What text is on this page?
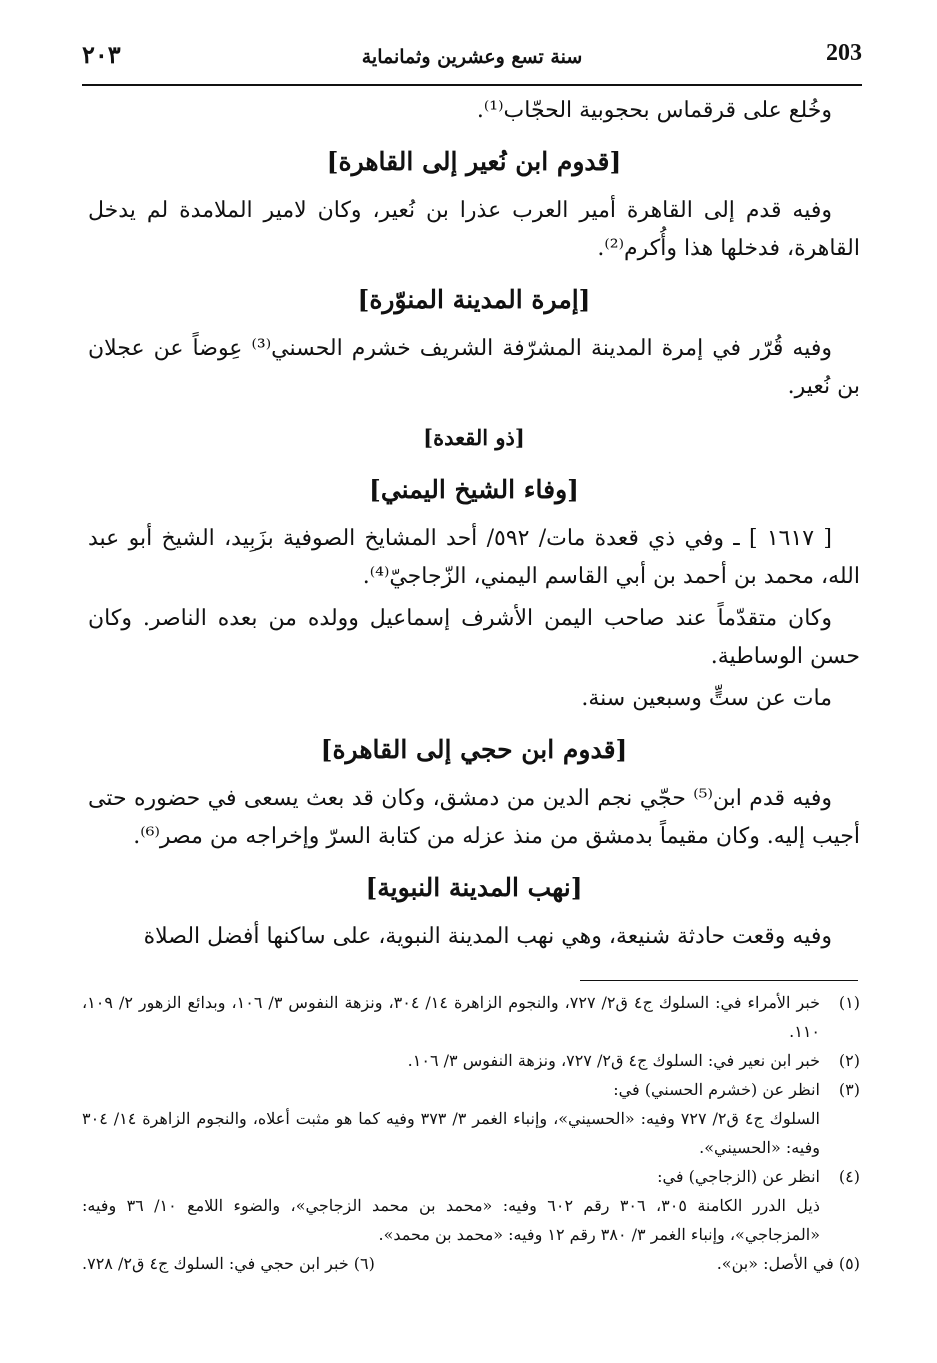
٢٠٣	سنة تسع وعشرين وثمانماية	203
وخُلع على قرقماس بحجوبية الحجّاب⁽¹⁾.
[قدوم ابن نُعير إلى القاهرة]
وفيه قدم إلى القاهرة أمير العرب عذرا بن نُعير، وكان لامير الملامدة لم يدخل القاهرة، فدخلها هذا وأُكرم⁽²⁾.
[إمرة المدينة المنوّرة]
وفيه قُرّر في إمرة المدينة المشرّفة الشريف خشرم الحسني⁽³⁾ عِوضاً عن عجلان بن نُعير.
[ذو القعدة]
[وفاء الشيخ اليمني]
[ ١٦١٧ ] ـ وفي ذي قعدة مات/ ٥٩٢/ أحد المشايخ الصوفية بزَبِيد، الشيخ أبو عبد الله، محمد بن أحمد بن أبي القاسم اليمني، الزّجاجيّ⁽⁴⁾.
وكان متقدّماً عند صاحب اليمن الأشرف إسماعيل وولده من بعده الناصر. وكان حسن الوساطية.
مات عن ستٍّ وسبعين سنة.
[قدوم ابن حجي إلى القاهرة]
وفيه قدم ابن⁽⁵⁾ حجّي نجم الدين من دمشق، وكان قد بعث يسعى في حضوره حتى أجيب إليه. وكان مقيماً بدمشق من منذ عزله من كتابة السرّ وإخراجه من مصر⁽⁶⁾.
[نهب المدينة النبوية]
وفيه وقعت حادثة شنيعة، وهي نهب المدينة النبوية، على ساكنها أفضل الصلاة
(١)
خبر الأمراء في: السلوك ج٤ ق٢/ ٧٢٧، والنجوم الزاهرة ١٤/ ٣٠٤، ونزهة النفوس ٣/ ١٠٦، وبدائع الزهور ٢/ ١٠٩، ١١٠.
(٢)
خبر ابن نعير في: السلوك ج٤ ق٢/ ٧٢٧، ونزهة النفوس ٣/ ١٠٦.
(٣)
انظر عن (خشرم الحسني) في:
السلوك ج٤ ق٢/ ٧٢٧ وفيه: «الحسيني»، وإنباء الغمر ٣/ ٣٧٣ وفيه كما هو مثبت أعلاه، والنجوم الزاهرة ١٤/ ٣٠٤ وفيه: «الحسيني».
(٤)
انظر عن (الزجاجي) في:
ذيل الدرر الكامنة ٣٠٥، ٣٠٦ رقم ٦٠٢ وفيه: «محمد بن محمد الزجاجي»، والضوء اللامع ١٠/ ٣٦ وفيه: «المزجاجي»، وإنباء الغمر ٣/ ٣٨٠ رقم ١٢ وفيه: «محمد بن محمد».
(٥) في الأصل: «بن».
(٦) خبر ابن حجي في: السلوك ج٤ ق٢/ ٧٢٨.
